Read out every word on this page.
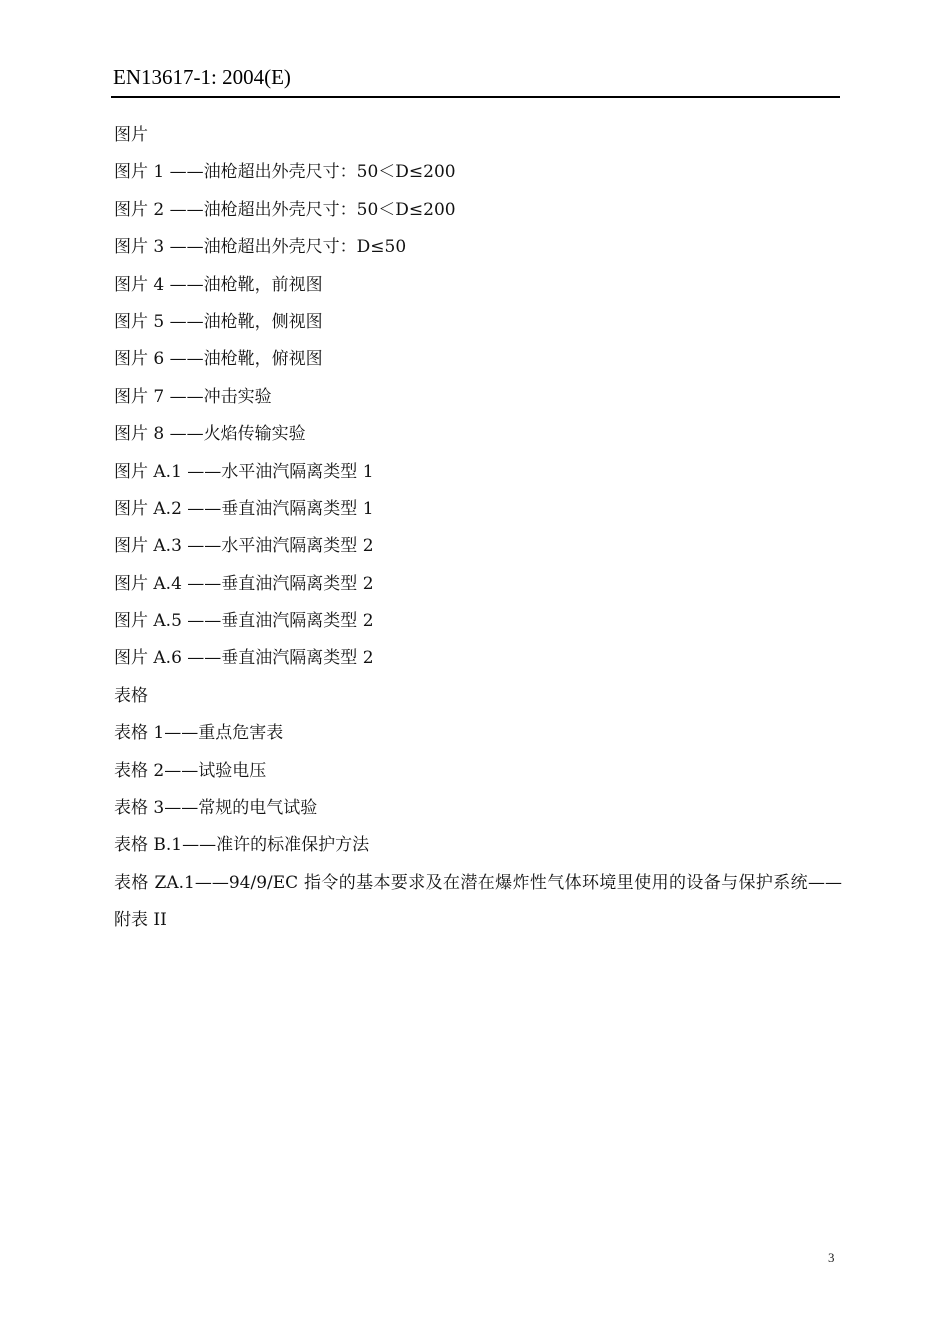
EN13617-1: 2004(E)
图片
图片 1 ——油枪超出外壳尺寸：50＜D≤200
图片 2 ——油枪超出外壳尺寸：50＜D≤200
图片 3 ——油枪超出外壳尺寸：D≤50
图片 4 ——油枪靴，前视图
图片 5 ——油枪靴，侧视图
图片 6 ——油枪靴，俯视图
图片 7 ——冲击实验
图片 8 ——火焰传输实验
图片 A.1 ——水平油汽隔离类型 1
图片 A.2 ——垂直油汽隔离类型 1
图片 A.3 ——水平油汽隔离类型 2
图片 A.4 ——垂直油汽隔离类型 2
图片 A.5 ——垂直油汽隔离类型 2
图片 A.6 ——垂直油汽隔离类型 2
表格
表格 1——重点危害表
表格 2——试验电压
表格 3——常规的电气试验
表格 B.1——准许的标准保护方法
表格 ZA.1——94/9/EC 指令的基本要求及在潜在爆炸性气体环境里使用的设备与保护系统——附表 II
3
